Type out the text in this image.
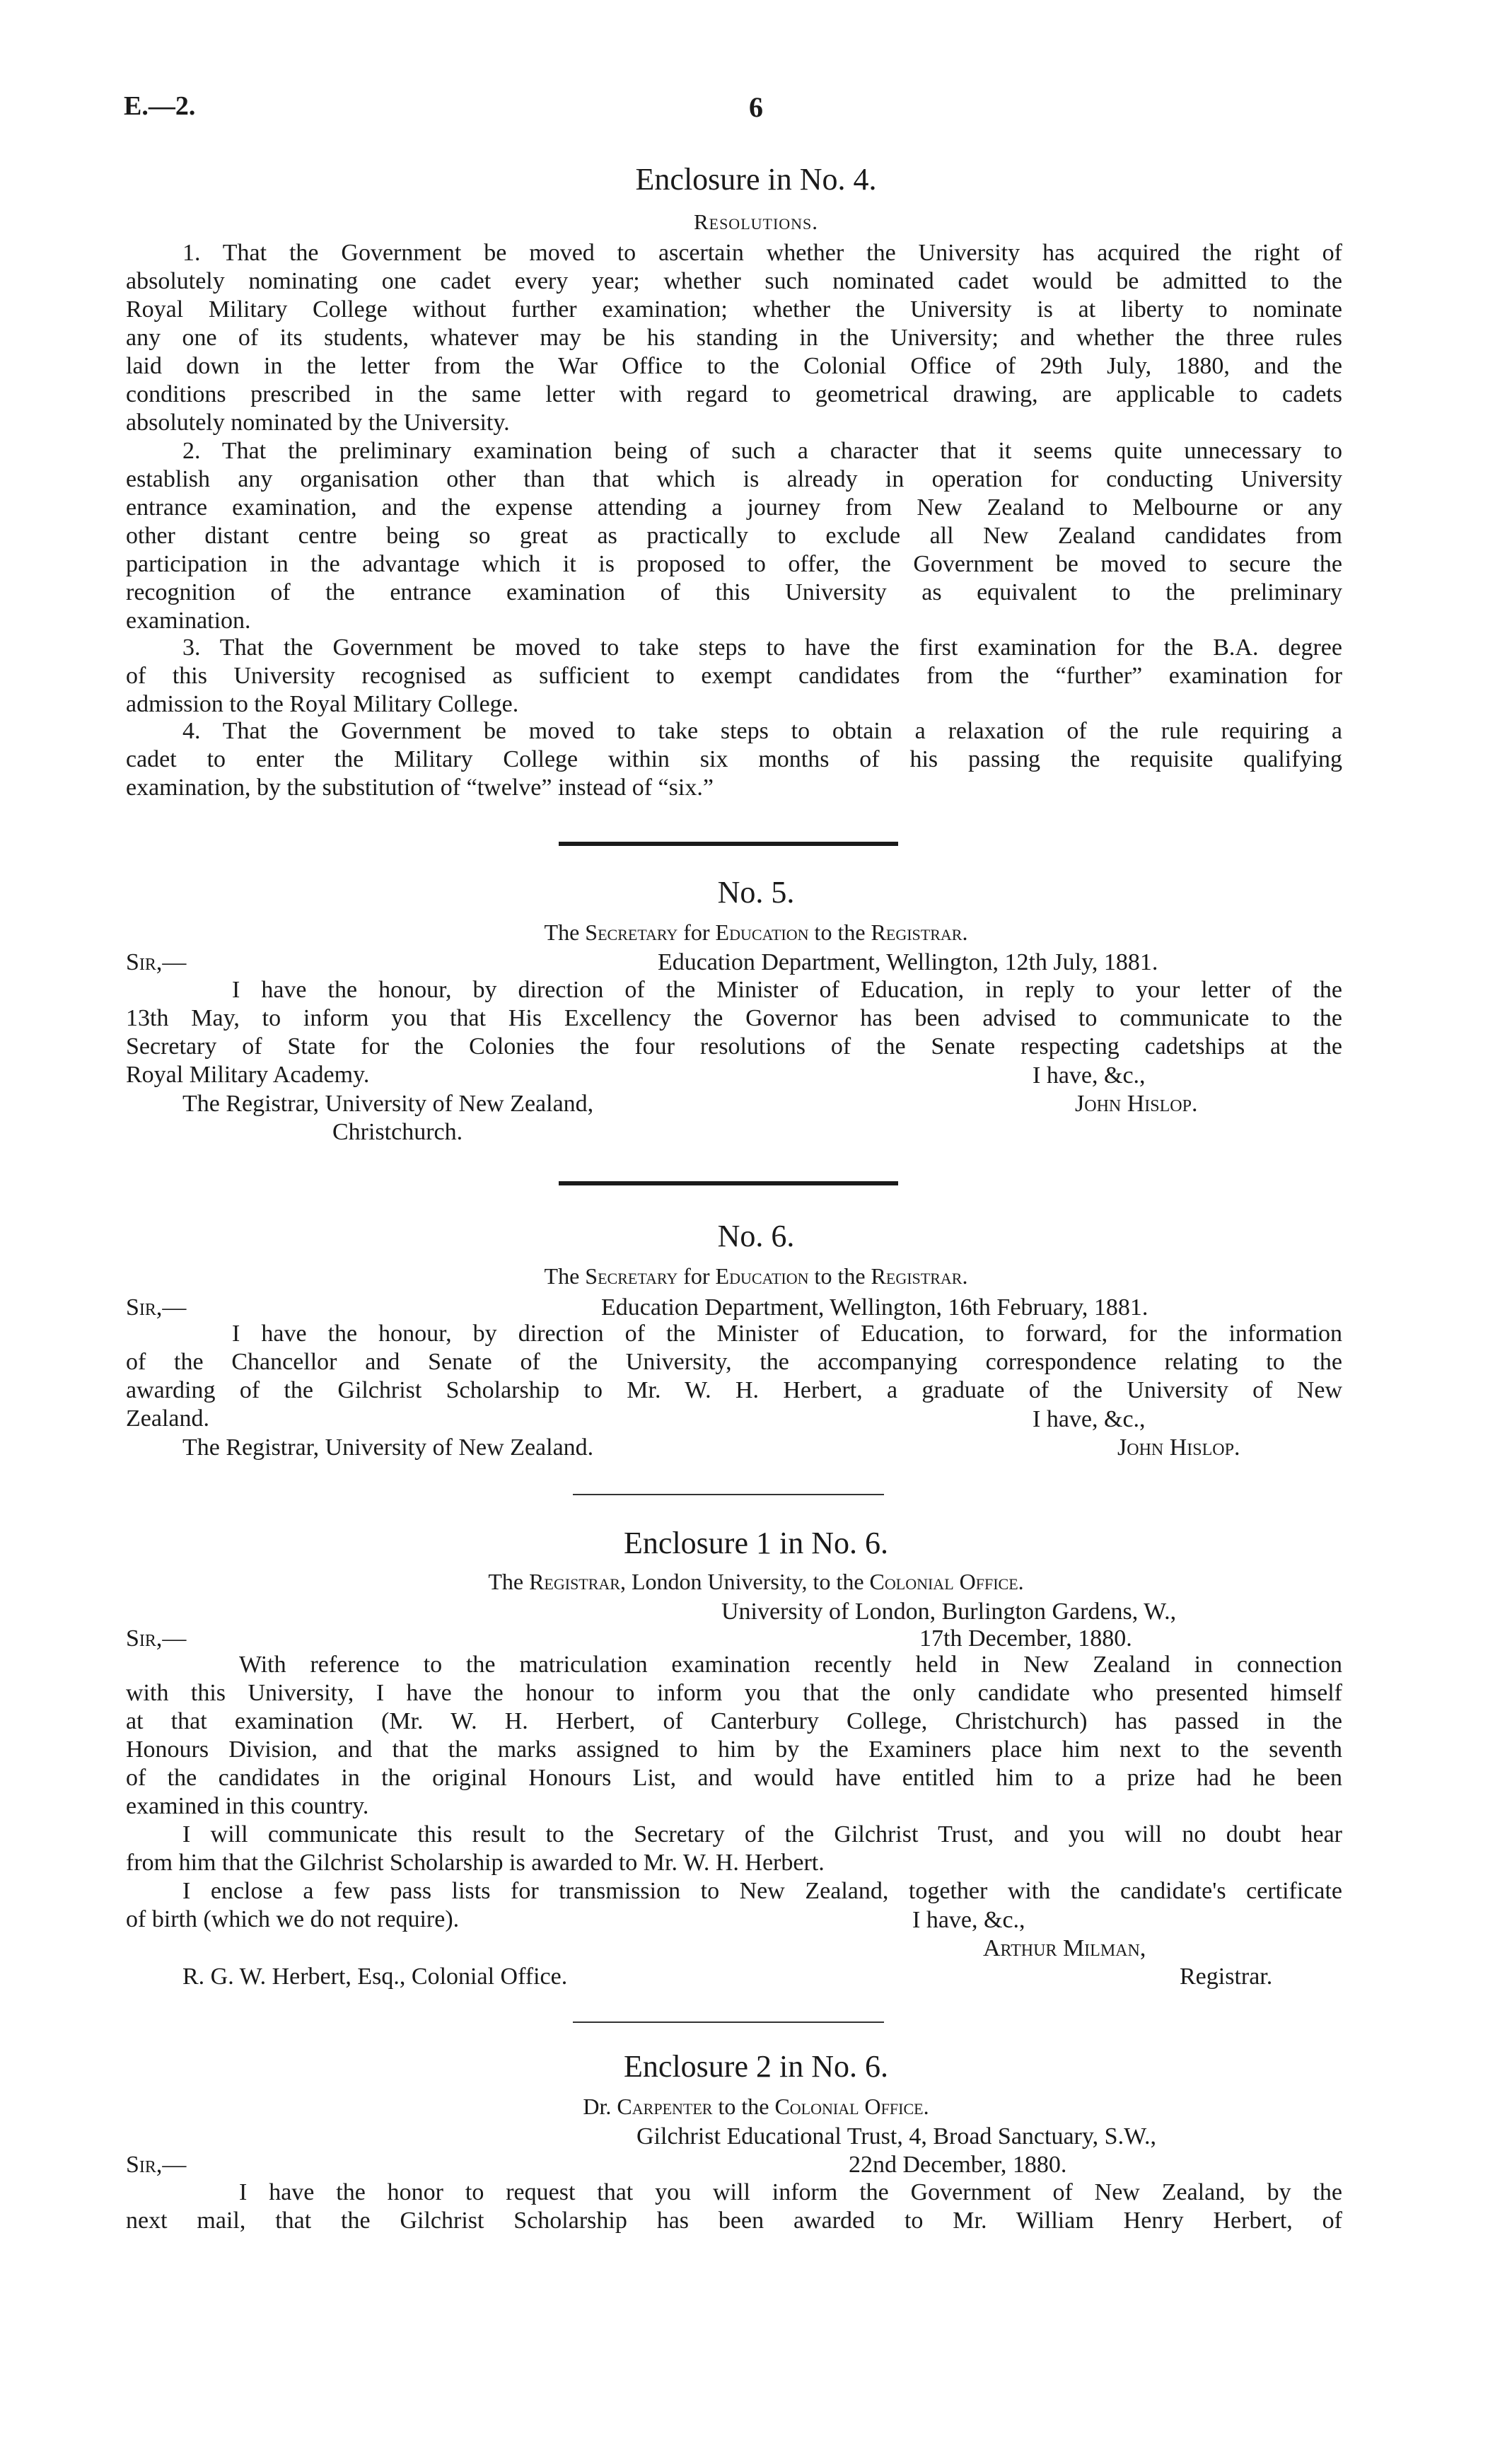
E.—2.	6
Enclosure in No. 4.
Resolutions.
1. That the Government be moved to ascertain whether the University has acquired the right of
absolutely nominating one cadet every year; whether such nominated cadet would be admitted to the
Royal Military College without further examination; whether the University is at liberty to nominate
any one of its students, whatever may be his standing in the University; and whether the three rules
laid down in the letter from the War Office to the Colonial Office of 29th July, 1880, and the
conditions prescribed in the same letter with regard to geometrical drawing, are applicable to cadets
absolutely nominated by the University.
2. That the preliminary examination being of such a character that it seems quite unnecessary to
establish any organisation other than that which is already in operation for conducting University
entrance examination, and the expense attending a journey from New Zealand to Melbourne or any
other distant centre being so great as practically to exclude all New Zealand candidates from
participation in the advantage which it is proposed to offer, the Government be moved to secure the
recognition of the entrance examination of this University as equivalent to the preliminary
examination.
3. That the Government be moved to take steps to have the first examination for the B.A. degree
of this University recognised as sufficient to exempt candidates from the “further” examination for
admission to the Royal Military College.
4. That the Government be moved to take steps to obtain a relaxation of the rule requiring a
cadet to enter the Military College within six months of his passing the requisite qualifying
examination, by the substitution of “twelve” instead of “six.”
No. 5.
The Secretary for Education to the Registrar.
Sir,—	Education Department, Wellington, 12th July, 1881.
I have the honour, by direction of the Minister of Education, in reply to your letter of the
13th May, to inform you that His Excellency the Governor has been advised to communicate to the
Secretary of State for the Colonies the four resolutions of the Senate respecting cadetships at the
Royal Military Academy.	I have, &c.,
The Registrar, University of New Zealand,	John Hislop.
Christchurch.
No. 6.
The Secretary for Education to the Registrar.
Sir,—	Education Department, Wellington, 16th February, 1881.
I have the honour, by direction of the Minister of Education, to forward, for the information
of the Chancellor and Senate of the University, the accompanying correspondence relating to the
awarding of the Gilchrist Scholarship to Mr. W. H. Herbert, a graduate of the University of New
Zealand.	I have, &c.,
The Registrar, University of New Zealand.	John Hislop.
Enclosure 1 in No. 6.
The Registrar, London University, to the Colonial Office.
University of London, Burlington Gardens, W.,
Sir,—	17th December, 1880.
With reference to the matriculation examination recently held in New Zealand in connection
with this University, I have the honour to inform you that the only candidate who presented himself
at that examination (Mr. W. H. Herbert, of Canterbury College, Christchurch) has passed in the
Honours Division, and that the marks assigned to him by the Examiners place him next to the seventh
of the candidates in the original Honours List, and would have entitled him to a prize had he been
examined in this country.
I will communicate this result to the Secretary of the Gilchrist Trust, and you will no doubt hear
from him that the Gilchrist Scholarship is awarded to Mr. W. H. Herbert.
I enclose a few pass lists for transmission to New Zealand, together with the candidate's certificate
of birth (which we do not require).	I have, &c.,
Arthur Milman,
R. G. W. Herbert, Esq., Colonial Office.	Registrar.
Enclosure 2 in No. 6.
Dr. Carpenter to the Colonial Office.
Gilchrist Educational Trust, 4, Broad Sanctuary, S.W.,
Sir,—	22nd December, 1880.
I have the honor to request that you will inform the Government of New Zealand, by the
next mail, that the Gilchrist Scholarship has been awarded to Mr. William Henry Herbert, of
